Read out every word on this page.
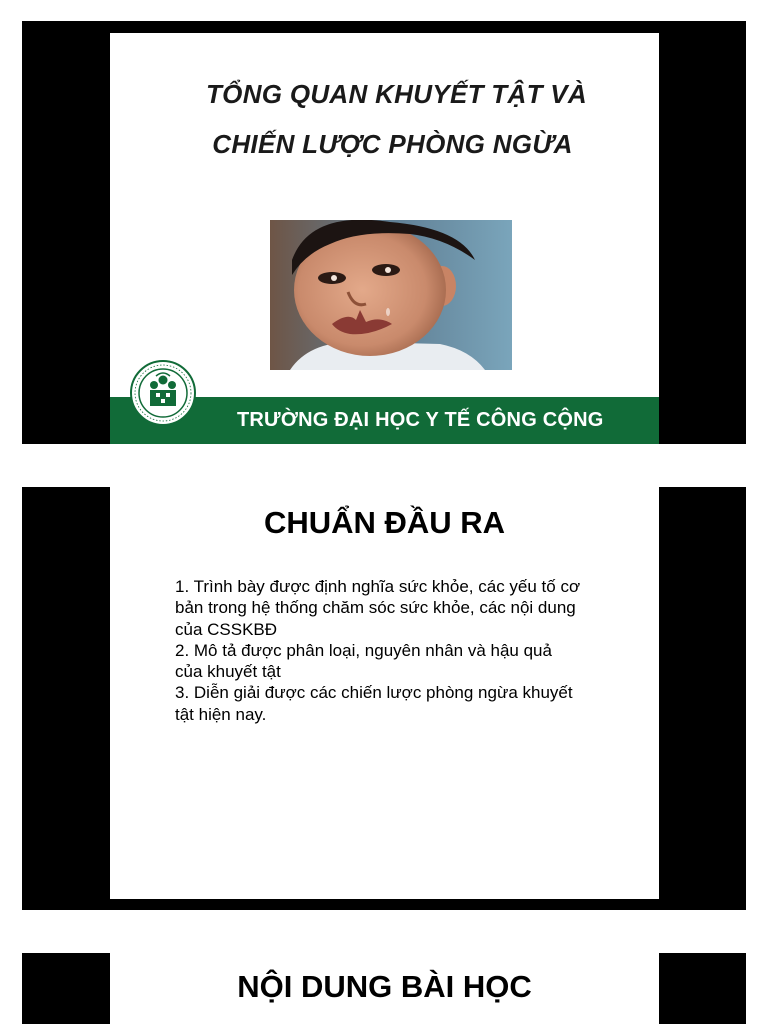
TỔNG QUAN KHUYẾT TẬT VÀ
CHIẾN LƯỢC PHÒNG NGỪA
TRƯỜNG ĐẠI HỌC Y TẾ CÔNG CỘNG
CHUẨN ĐẦU RA
1. Trình bày được định nghĩa sức khỏe, các yếu tố cơ
bản trong hệ thống chăm sóc sức khỏe, các nội dung
của CSSKBĐ
2. Mô tả được phân loại, nguyên nhân và hậu quả
của khuyết tật
3. Diễn giải được các chiến lược phòng ngừa khuyết
tật hiện nay.
NỘI DUNG BÀI HỌC
